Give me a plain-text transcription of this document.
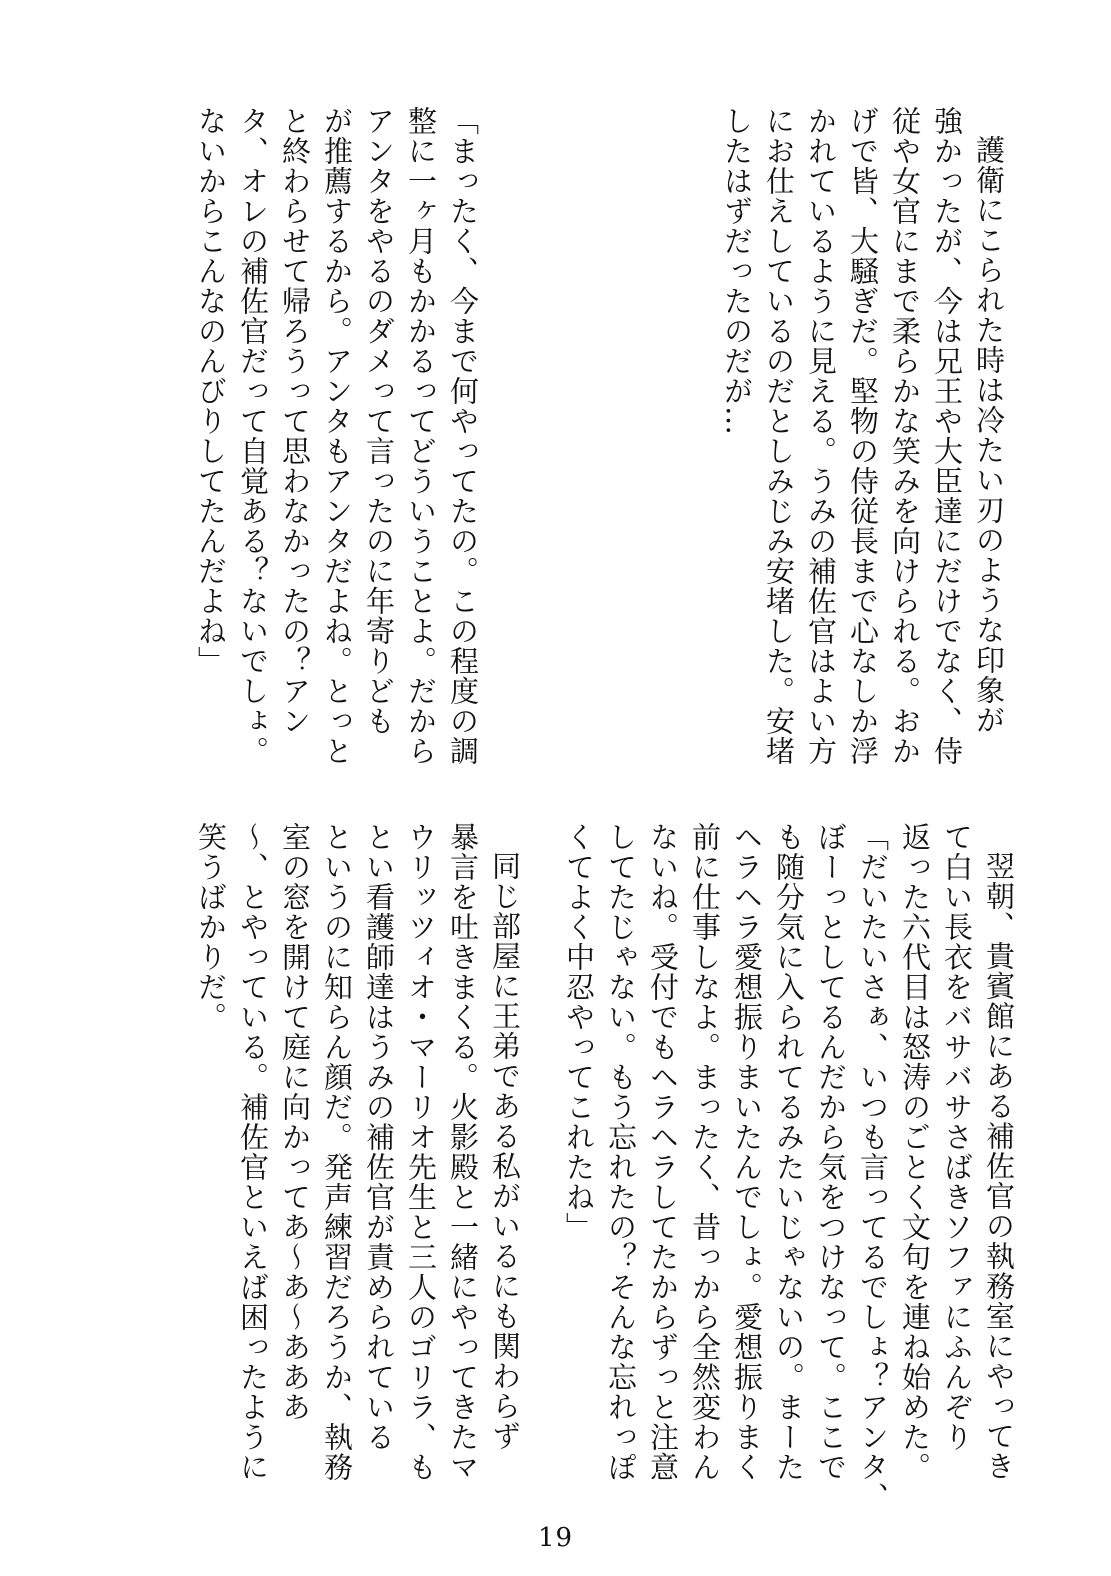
護衛にこられた時は冷たい刃のような印象が

強かったが、今は兄王や大臣達にだけでなく、侍

従や女官にまで柔らかな笑みを向けられる。おか

げで皆、大騒ぎだ。堅物の侍従長まで心なしか浮

かれているように見える。うみの補佐官はよい方

にお仕えしているのだとしみじみ安堵した。安堵

したはずだったのだが…

「まったく、今まで何やってたの。この程度の調

整に一ヶ月もかかるってどういうことよ。だから

アンタをやるのダメって言ったのに年寄りども

が推薦するから。アンタもアンタだよね。とっと

と終わらせて帰ろうって思わなかったの？アン

タ、オレの補佐官だって自覚ある？ないでしょ。

ないからこんなのんびりしてたんだよね」

翌朝、貴賓館にある補佐官の執務室にやってき

て白い長衣をバサバサさばきソファにふんぞり

返った六代目は怒涛のごとく文句を連ね始めた。

「だいたいさぁ、いつも言ってるでしょ？アンタ、

ぼーっとしてるんだから気をつけなって。ここで

も随分気に入られてるみたいじゃないの。まーた

ヘラヘラ愛想振りまいたんでしょ。愛想振りまく

前に仕事しなよ。まったく、昔っから全然変わん

ないね。受付でもヘラヘラしてたからずっと注意

してたじゃない。もう忘れたの？そんな忘れっぽ

くてよく中忍やってこれたね」

同じ部屋に王弟である私がいるにも関わらず

暴言を吐きまくる。火影殿と一緒にやってきたマ

ウリッツィオ・マーリオ先生と三人のゴリラ、も

とい看護師達はうみの補佐官が責められている

というのに知らん顔だ。発声練習だろうか、執務

室の窓を開けて庭に向かってあ〜あ〜あああ

〜、とやっている。補佐官といえば困ったように

笑うばかりだ。

19
